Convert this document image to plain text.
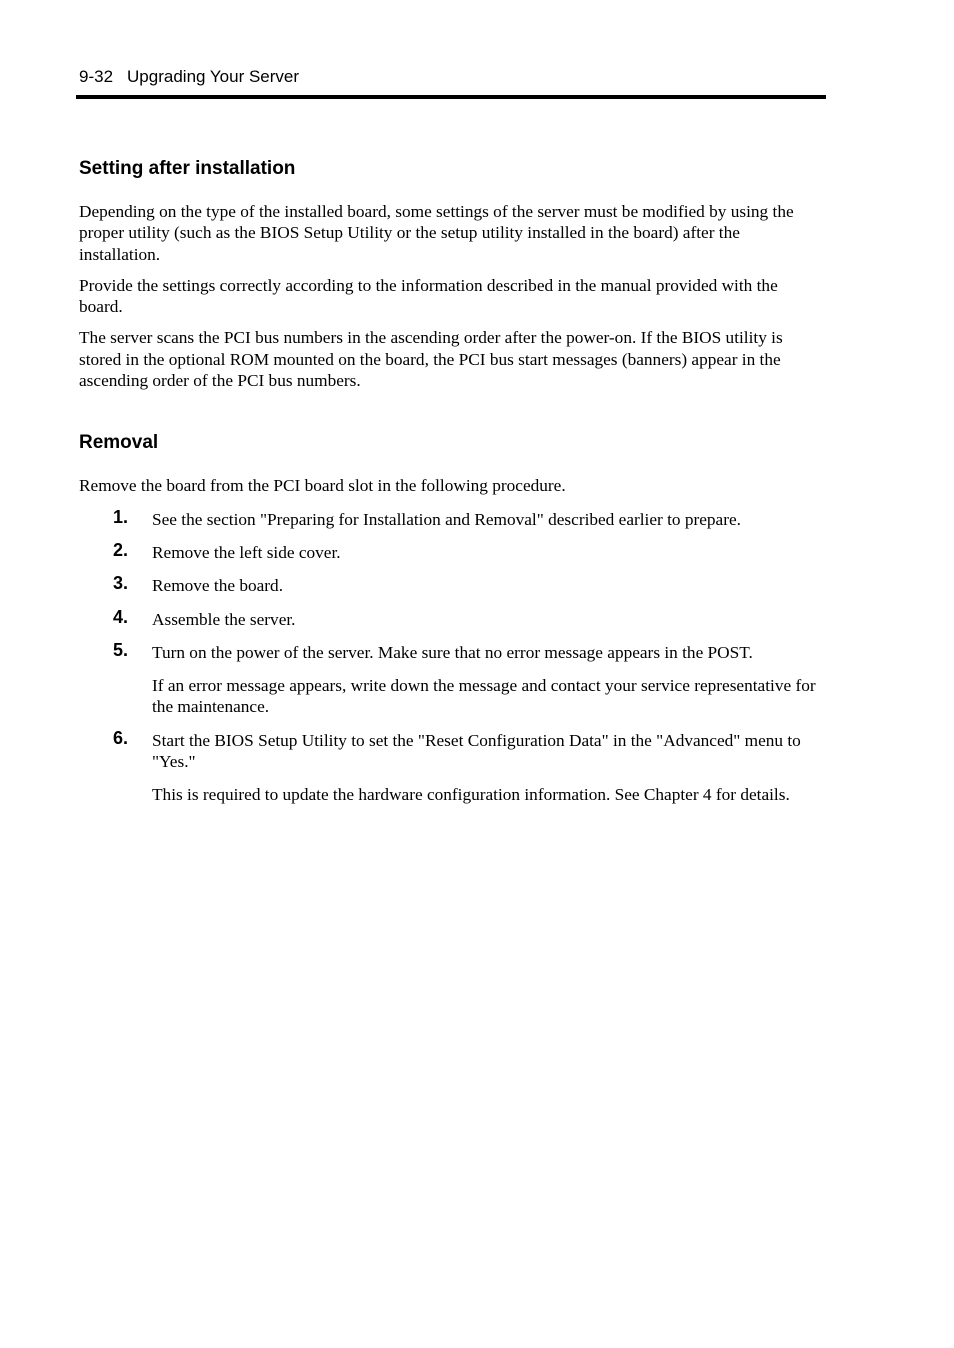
9-32 Upgrading Your Server
Setting after installation

Depending on the type of the installed board, some settings of the server must be modified by using the proper utility (such as the BIOS Setup Utility or the setup utility installed in the board) after the installation.

Provide the settings correctly according to the information described in the manual provided with the board.

The server scans the PCI bus numbers in the ascending order after the power-on. If the BIOS utility is stored in the optional ROM mounted on the board, the PCI bus start messages (banners) appear in the ascending order of the PCI bus numbers.

Removal

Remove the board from the PCI board slot in the following procedure.

1. See the section "Preparing for Installation and Removal" described earlier to prepare.
2. Remove the left side cover.
3. Remove the board.
4. Assemble the server.
5. Turn on the power of the server. Make sure that no error message appears in the POST.
If an error message appears, write down the message and contact your service representative for the maintenance.
6. Start the BIOS Setup Utility to set the "Reset Configuration Data" in the "Advanced" menu to "Yes."
This is required to update the hardware configuration information. See Chapter 4 for details.
